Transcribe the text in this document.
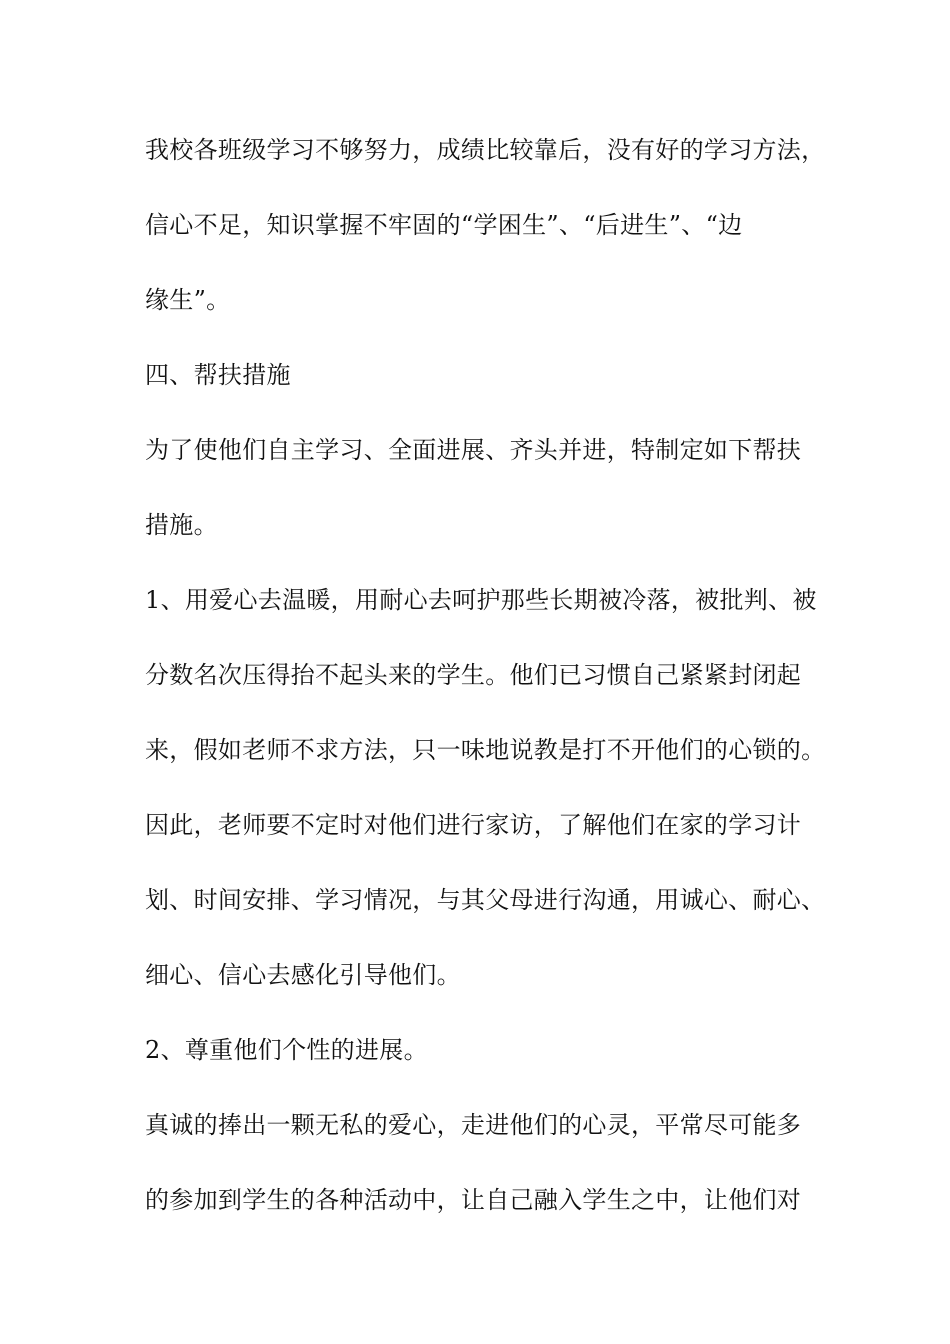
我校各班级学习不够努力，成绩比较靠后，没有好的学习方法，
信心不足，知识掌握不牢固的“学困生”、“后进生”、“边
缘生”。
四、帮扶措施
为了使他们自主学习、全面进展、齐头并进，特制定如下帮扶
措施。
1、用爱心去温暖，用耐心去呵护那些长期被冷落，被批判、被
分数名次压得抬不起头来的学生。他们已习惯自己紧紧封闭起
来，假如老师不求方法，只一味地说教是打不开他们的心锁的。
因此，老师要不定时对他们进行家访，了解他们在家的学习计
划、时间安排、学习情况，与其父母进行沟通，用诚心、耐心、
细心、信心去感化引导他们。
2、尊重他们个性的进展。
真诚的捧出一颗无私的爱心，走进他们的心灵，平常尽可能多
的参加到学生的各种活动中，让自己融入学生之中，让他们对
